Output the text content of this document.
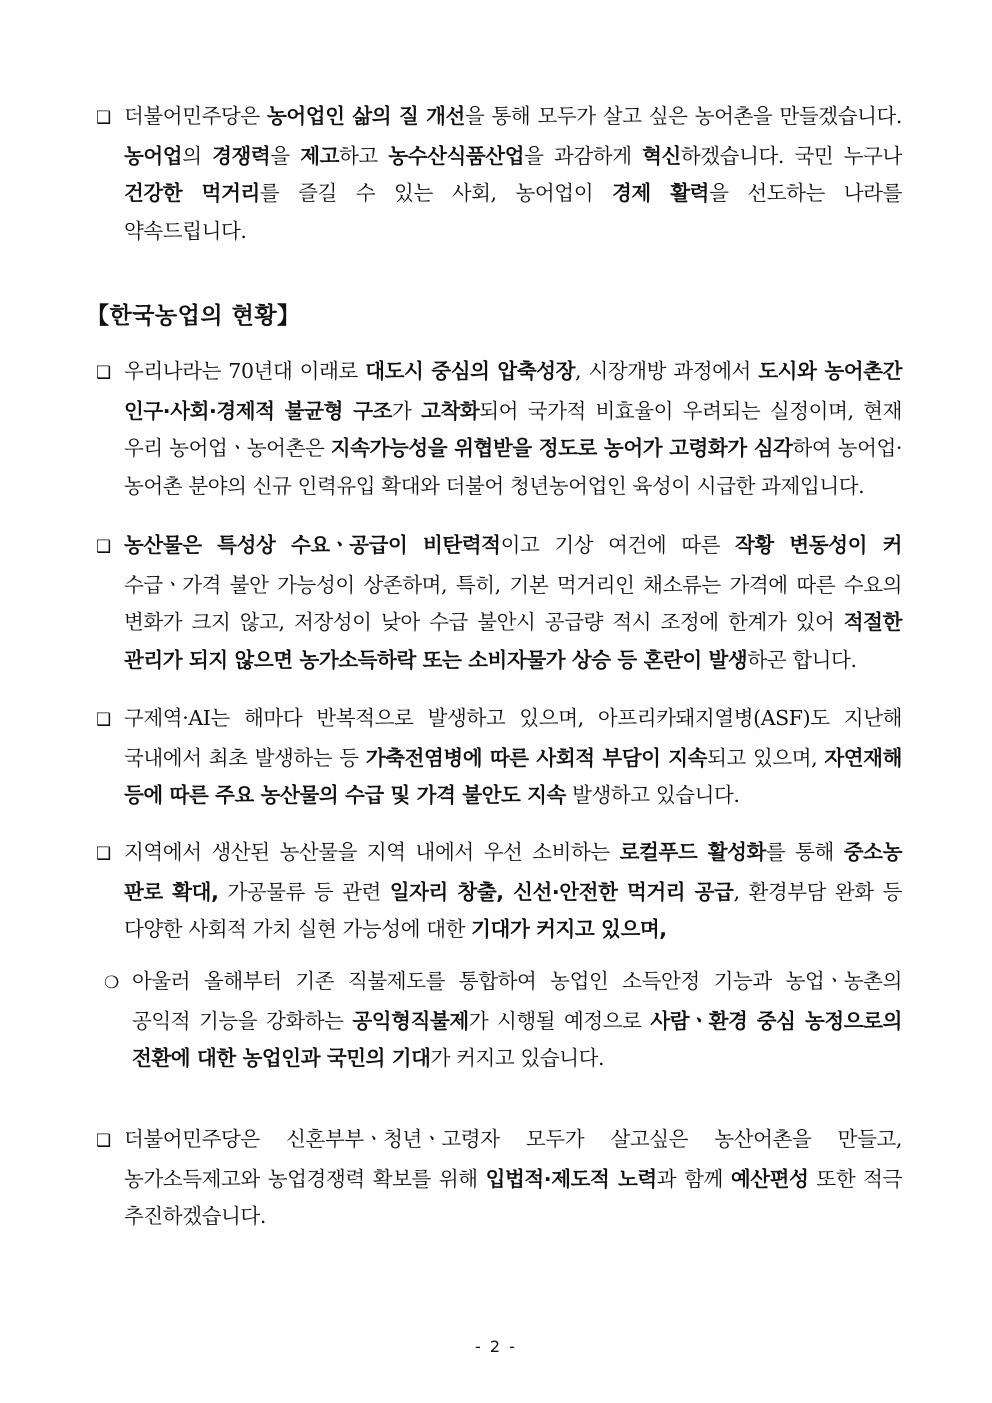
❑ 더불어민주당은 농어업인 삶의 질 개선을 통해 모두가 살고 싶은 농어촌을 만들겠습니다. 농어업의 경쟁력을 제고하고 농수산식품산업을 과감하게 혁신하겠습니다. 국민 누구나 건강한 먹거리를 즐길 수 있는 사회, 농어업이 경제 활력을 선도하는 나라를 약속드립니다.
【한국농업의 현황】
❑ 우리나라는 70년대 이래로 대도시 중심의 압축성장, 시장개방 과정에서 도시와 농어촌간 인구·사회·경제적 불균형 구조가 고착화되어 국가적 비효율이 우려되는 실정이며, 현재 우리 농어업ㆍ농어촌은 지속가능성을 위협받을 정도로 농어가 고령화가 심각하여 농어업·농어촌 분야의 신규 인력유입 확대와 더불어 청년농어업인 육성이 시급한 과제입니다.
❑ 농산물은 특성상 수요ㆍ공급이 비탄력적이고 기상 여건에 따른 작황 변동성이 커 수급ㆍ가격 불안 가능성이 상존하며, 특히, 기본 먹거리인 채소류는 가격에 따른 수요의 변화가 크지 않고, 저장성이 낮아 수급 불안시 공급량 적시 조정에 한계가 있어 적절한 관리가 되지 않으면 농가소득하락 또는 소비자물가 상승 등 혼란이 발생하곤 합니다.
❑ 구제역·AI는 해마다 반복적으로 발생하고 있으며, 아프리카돼지열병(ASF)도 지난해 국내에서 최초 발생하는 등 가축전염병에 따른 사회적 부담이 지속되고 있으며, 자연재해 등에 따른 주요 농산물의 수급 및 가격 불안도 지속 발생하고 있습니다.
❑ 지역에서 생산된 농산물을 지역 내에서 우선 소비하는 로컬푸드 활성화를 통해 중소농 판로 확대, 가공물류 등 관련 일자리 창출, 신선·안전한 먹거리 공급, 환경부담 완화 등 다양한 사회적 가치 실현 가능성에 대한 기대가 커지고 있으며,
❍ 아울러 올해부터 기존 직불제도를 통합하여 농업인 소득안정 기능과 농업ㆍ농촌의 공익적 기능을 강화하는 공익형직불제가 시행될 예정으로 사람ㆍ환경 중심 농정으로의 전환에 대한 농업인과 국민의 기대가 커지고 있습니다.
❑ 더불어민주당은 신혼부부ㆍ청년ㆍ고령자 모두가 살고싶은 농산어촌을 만들고, 농가소득제고와 농업경쟁력 확보를 위해 입법적·제도적 노력과 함께 예산편성 또한 적극 추진하겠습니다.
- 2 -
